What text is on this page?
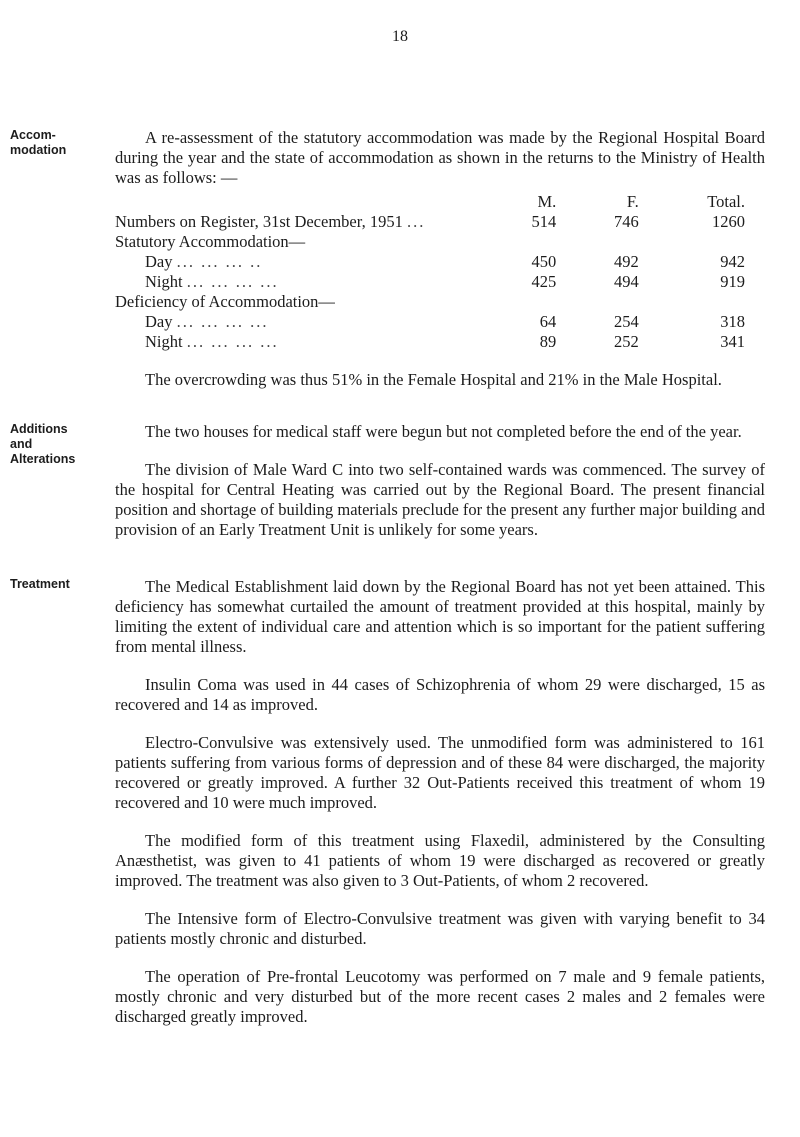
18
Accom-
modation
Additions
and
Alterations
Treatment

A re-assessment of the statutory accommodation was made by the Regional Hospital Board during the year and the state of accommodation as shown in the returns to the Ministry of Health was as follows: —

	M.	F.	Total.
Numbers on Register, 31st December, 1951 ...	514	746	1260
Statutory Accommodation—			
Day ... ... ... ..	450	492	942
Night ... ... ... ...	425	494	919
Deficiency of Accommodation—			
Day ... ... ... ...	64	254	318
Night ... ... ... ...	89	252	341

The overcrowding was thus 51% in the Female Hospital and 21% in the Male Hospital.

The two houses for medical staff were begun but not completed before the end of the year.

The division of Male Ward C into two self-contained wards was commenced. The survey of the hospital for Central Heating was carried out by the Regional Board. The present financial position and shortage of building materials preclude for the present any further major building and provision of an Early Treatment Unit is unlikely for some years.

The Medical Establishment laid down by the Regional Board has not yet been attained. This deficiency has somewhat curtailed the amount of treatment provided at this hospital, mainly by limiting the extent of individual care and attention which is so important for the patient suffering from mental illness.

Insulin Coma was used in 44 cases of Schizophrenia of whom 29 were discharged, 15 as recovered and 14 as improved.

Electro-Convulsive was extensively used. The unmodified form was administered to 161 patients suffering from various forms of depression and of these 84 were discharged, the majority recovered or greatly improved. A further 32 Out-Patients received this treatment of whom 19 recovered and 10 were much improved.

The modified form of this treatment using Flaxedil, administered by the Consulting Anæsthetist, was given to 41 patients of whom 19 were discharged as recovered or greatly improved. The treatment was also given to 3 Out-Patients, of whom 2 recovered.

The Intensive form of Electro-Convulsive treatment was given with varying benefit to 34 patients mostly chronic and disturbed.

The operation of Pre-frontal Leucotomy was performed on 7 male and 9 female patients, mostly chronic and very disturbed but of the more recent cases 2 males and 2 females were discharged greatly improved.
